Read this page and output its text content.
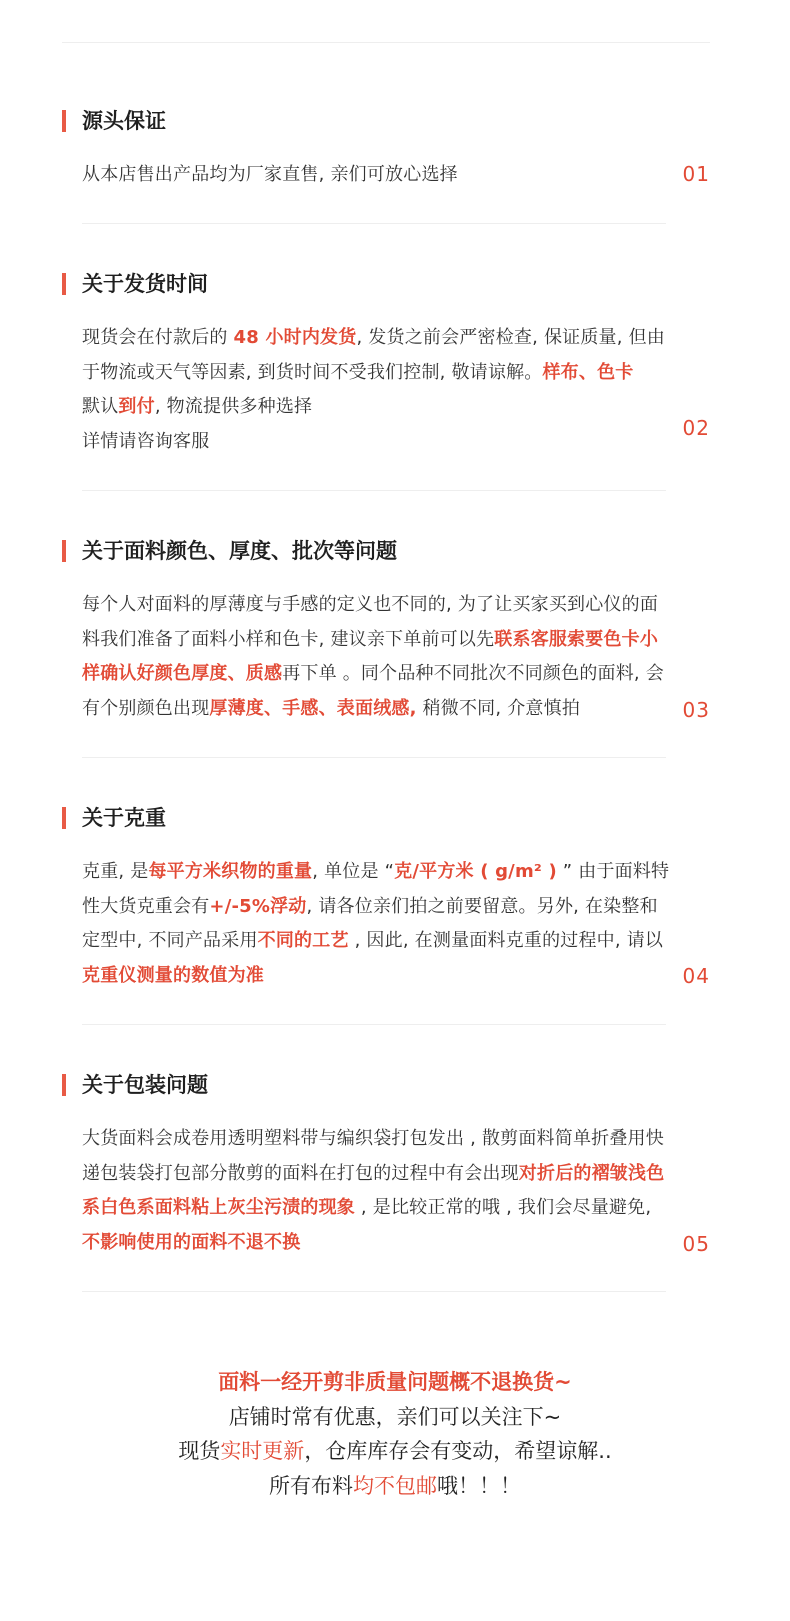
源头保证
从本店售出产品均为厂家直售, 亲们可放心选择	01
关于发货时间
现货会在付款后的 48 小时内发货, 发货之前会严密检查, 保证质量, 但由于物流或天气等因素, 到货时间不受我们控制, 敬请谅解。样布、色卡
默认到付, 物流提供多种选择
详情请咨询客服
02
关于面料颜色、厚度、批次等问题
每个人对面料的厚薄度与手感的定义也不同的, 为了让买家买到心仪的面料我们准备了面料小样和色卡, 建议亲下单前可以先联系客服索要色卡小样确认好颜色厚度、质感再下单 。同个品种不同批次不同颜色的面料, 会有个别颜色出现厚薄度、手感、表面绒感, 稍微不同, 介意慎拍	03
关于克重
克重, 是每平方米织物的重量, 单位是 “克/平方米 ( g/m² ) ” 由于面料特性大货克重会有+/-5%浮动, 请各位亲们拍之前要留意。另外, 在染整和定型中, 不同产品采用不同的工艺 , 因此, 在测量面料克重的过程中, 请以克重仪测量的数值为准	04
关于包装问题
大货面料会成卷用透明塑料带与编织袋打包发出 , 散剪面料简单折叠用快递包装袋打包部分散剪的面料在打包的过程中有会出现对折后的褶皱浅色系白色系面料粘上灰尘污渍的现象 , 是比较正常的哦 , 我们会尽量避免, 不影响使用的面料不退不换	05
面料一经开剪非质量问题概不退换货~
店铺时常有优惠，亲们可以关注下~
现货实时更新，仓库库存会有变动，希望谅解..
所有布料均不包邮哦！！！
